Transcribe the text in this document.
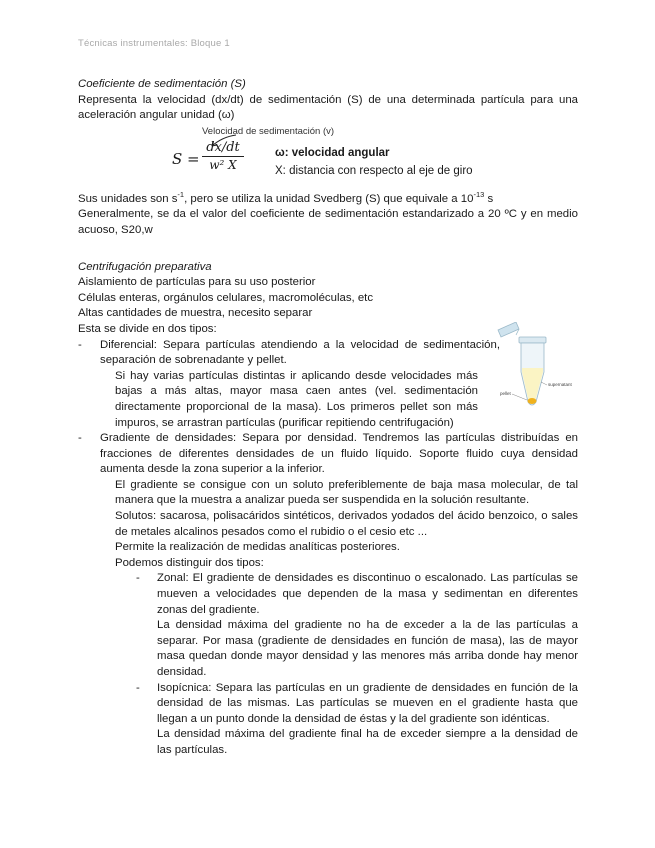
Técnicas instrumentales: Bloque 1

Coeficiente de sedimentación (S)

Representa la velocidad (dx/dt) de sedimentación (S) de una determinada partícula para una aceleración angular unidad (ω)

Velocidad de sedimentación (v)
$S = \frac{dx/dt}{\text{w² X}}$	ω: velocidad angular
X: distancia con respecto al eje de giro

Sus unidades son $s^{-1}$, pero se utiliza la unidad Svedberg (S) que equivale a $10^{-13}$ s

Generalmente, se da el valor del coeficiente de sedimentación estandarizado a 20 ºC y en medio acuoso, S20,w

Centrifugación preparativa

Aislamiento de partículas para su uso posterior

Células enteras, orgánulos celulares, macromoléculas, etc

Altas cantidades de muestra, necesito separar

Esta se divide en dos tipos:

- Diferencial: Separa partículas atendiendo a la velocidad de sedimentación, separación de sobrenadante y pellet.

Si hay varias partículas distintas ir aplicando desde velocidades más bajas a más altas, mayor masa caen antes (vel. sedimentación directamente proporcional de la masa). Los primeros pellet son más impuros, se arrastran partículas (purificar repitiendo centrifugación)

- Gradiente de densidades: Separa por densidad. Tendremos las partículas distribuídas en fracciones de diferentes densidades de un fluido líquido. Soporte fluido cuya densidad aumenta desde la zona superior a la inferior.

El gradiente se consigue con un soluto preferiblemente de baja masa molecular, de tal manera que la muestra a analizar pueda ser suspendida en la solución resultante.

Solutos: sacarosa, polisacáridos sintéticos, derivados yodados del ácido benzoico, o sales de metales alcalinos pesados como el rubidio o el cesio etc ...

Permite la realización de medidas analíticas posteriores.

Podemos distinguir dos tipos:

- Zonal: El gradiente de densidades es discontinuo o escalonado. Las partículas se mueven a velocidades que dependen de la masa y sedimentan en diferentes zonas del gradiente.

La densidad máxima del gradiente no ha de exceder a la de las partículas a separar. Por masa (gradiente de densidades en función de masa), las de mayor masa quedan donde mayor densidad y las menores más arriba donde hay menor densidad.

- Isopícnica: Separa las partículas en un gradiente de densidades en función de la densidad de las mismas. Las partículas se mueven en el gradiente hasta que llegan a un punto donde la densidad de éstas y la del gradiente son idénticas.

La densidad máxima del gradiente final ha de exceder siempre a la densidad de las partículas.

supernatant
pellet
